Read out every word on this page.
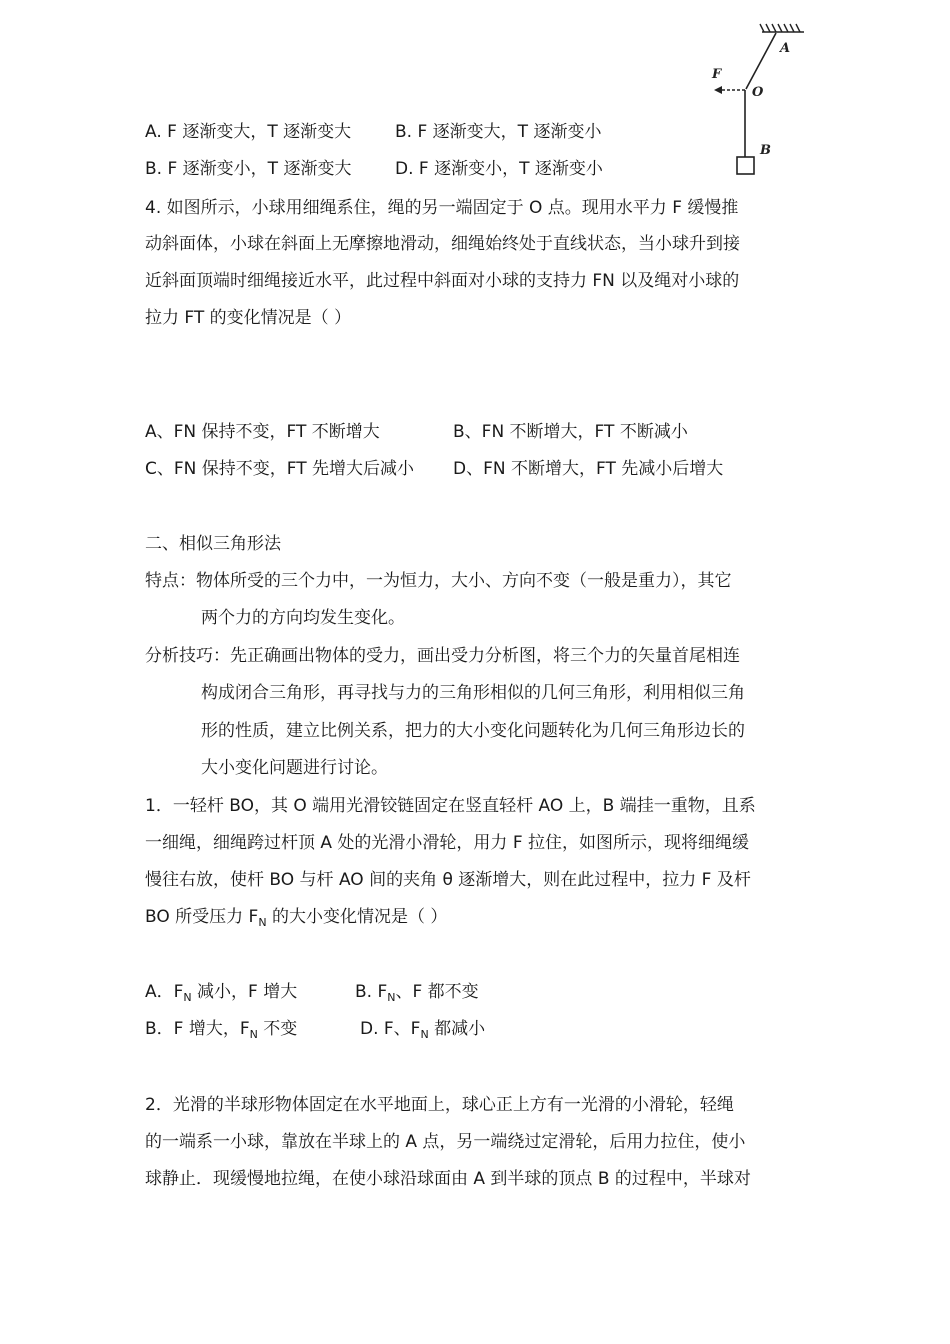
F
O
A
B
A. F 逐渐变大，T 逐渐变大	B. F 逐渐变大，T 逐渐变小
B. F 逐渐变小，T 逐渐变大	D. F 逐渐变小，T 逐渐变小
4. 如图所示，小球用细绳系住，绳的另一端固定于 O 点。现用水平力 F 缓慢推
动斜面体，小球在斜面上无摩擦地滑动，细绳始终处于直线状态，当小球升到接
近斜面顶端时细绳接近水平，此过程中斜面对小球的支持力 FN 以及绳对小球的
拉力 FT 的变化情况是（ ）
A、FN 保持不变，FT 不断增大	B、FN 不断增大，FT 不断减小
C、FN 保持不变，FT 先增大后减小 D、FN 不断增大，FT 先减小后增大
二、相似三角形法
特点：物体所受的三个力中，一为恒力，大小、方向不变（一般是重力），其它
两个力的方向均发生变化。
分析技巧：先正确画出物体的受力，画出受力分析图，将三个力的矢量首尾相连
构成闭合三角形，再寻找与力的三角形相似的几何三角形，利用相似三角
形的性质，建立比例关系，把力的大小变化问题转化为几何三角形边长的
大小变化问题进行讨论。
1．一轻杆 BO，其 O 端用光滑铰链固定在竖直轻杆 AO 上，B 端挂一重物，且系
一细绳，细绳跨过杆顶 A 处的光滑小滑轮，用力 F 拉住，如图所示，现将细绳缓
慢往右放，使杆 BO 与杆 AO 间的夹角 θ 逐渐增大，则在此过程中，拉力 F 及杆
BO 所受压力 $F_N$ 的大小变化情况是（ ）
A．$F_N$ 减小，F 增大	B. $F_N$、F 都不变
B．F 增大，$F_N$ 不变	D. F、$F_N$ 都减小
2．光滑的半球形物体固定在水平地面上，球心正上方有一光滑的小滑轮，轻绳
的一端系一小球，靠放在半球上的 A 点，另一端绕过定滑轮，后用力拉住，使小
球静止．现缓慢地拉绳，在使小球沿球面由 A 到半球的顶点 B 的过程中，半球对
